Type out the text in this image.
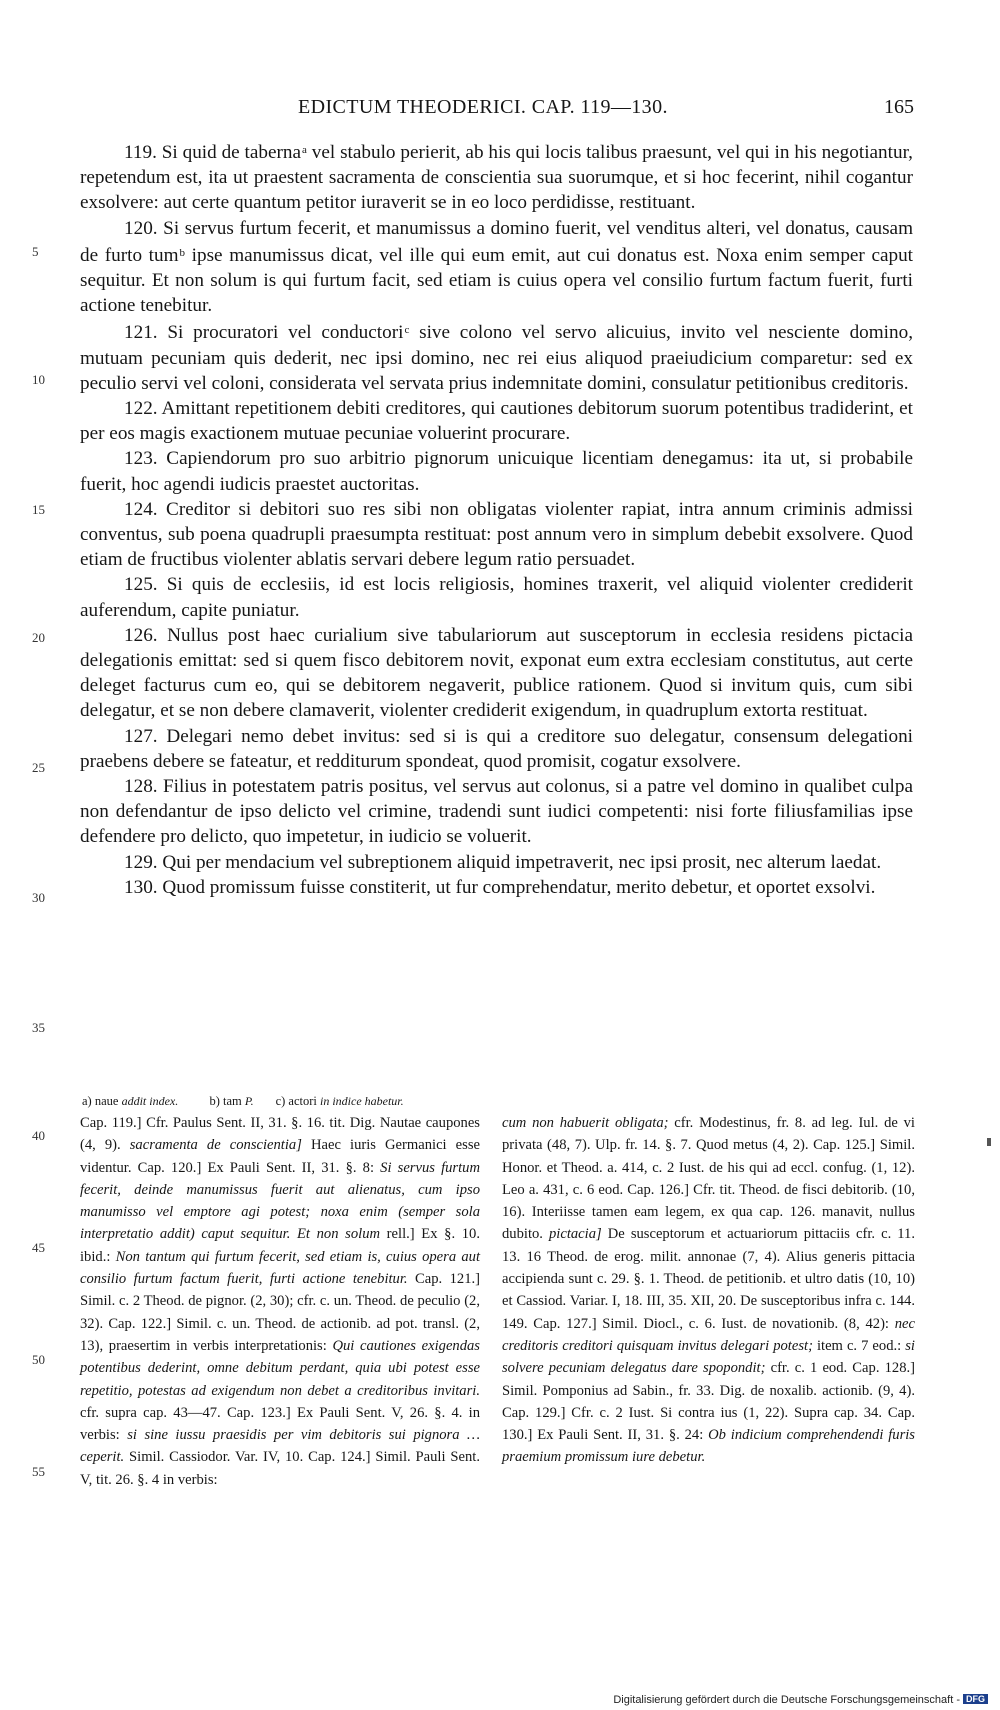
EDICTUM THEODERICI. CAP. 119—130.	165

119. Si quid de taberna$^a$ vel stabulo perierit, ab his qui locis talibus praesunt, vel qui in his negotiantur, repetendum est, ita ut praestent sacramenta de conscientia sua suorumque, et si hoc fecerint, nihil cogantur exsolvere: aut certe quantum petitor iuraverit se in eo loco perdidisse, restituant.

120. Si servus furtum fecerit, et manumissus a domino fuerit, vel venditus alteri, vel donatus, causam de furto tum$^b$ ipse manumissus dicat, vel ille qui eum emit, aut cui donatus est. Noxa enim semper caput sequitur. Et non solum is qui furtum facit, sed etiam is cuius opera vel consilio furtum factum fuerit, furti actione tenebitur.

121. Si procuratori vel conductori$^c$ sive colono vel servo alicuius, invito vel nesciente domino, mutuam pecuniam quis dederit, nec ipsi domino, nec rei eius aliquod praeiudicium comparetur: sed ex peculio servi vel coloni, considerata vel servata prius indemnitate domini, consulatur petitionibus creditoris.

122. Amittant repetitionem debiti creditores, qui cautiones debitorum suorum potentibus tradiderint, et per eos magis exactionem mutuae pecuniae voluerint procurare.

123. Capiendorum pro suo arbitrio pignorum unicuique licentiam denegamus: ita ut, si probabile fuerit, hoc agendi iudicis praestet auctoritas.

124. Creditor si debitori suo res sibi non obligatas violenter rapiat, intra annum criminis admissi conventus, sub poena quadrupli praesumpta restituat: post annum vero in simplum debebit exsolvere. Quod etiam de fructibus violenter ablatis servari debere legum ratio persuadet.

125. Si quis de ecclesiis, id est locis religiosis, homines traxerit, vel aliquid violenter crediderit auferendum, capite puniatur.

126. Nullus post haec curialium sive tabulariorum aut susceptorum in ecclesia residens pictacia delegationis emittat: sed si quem fisco debitorem novit, exponat eum extra ecclesiam constitutus, aut certe deleget facturus cum eo, qui se debitorem negaverit, publice rationem. Quod si invitum quis, cum sibi delegatur, et se non debere clamaverit, violenter crediderit exigendum, in quadruplum extorta restituat.

127. Delegari nemo debet invitus: sed si is qui a creditore suo delegatur, consensum delegationi praebens debere se fateatur, et redditurum spondeat, quod promisit, cogatur exsolvere.

128. Filius in potestatem patris positus, vel servus aut colonus, si a patre vel domino in qualibet culpa non defendantur de ipso delicto vel crimine, tradendi sunt iudici competenti: nisi forte filiusfamilias ipse defendere pro delicto, quo impetetur, in iudicio se voluerit.

129. Qui per mendacium vel subreptionem aliquid impetraverit, nec ipsi prosit, nec alterum laedat.

130. Quod promissum fuisse constiterit, ut fur comprehendatur, merito debetur, et oportet exsolvi.

5
10
15
20
25
30
35
40
45
50
55
a) naue addit index.	b) tam P. c) actori in indice habetur.
Cap. 119.] Cfr. Paulus Sent. II, 31. §. 16. tit. Dig. Nautae caupones (4, 9). sacramenta de conscientia] Haec iuris Germanici esse videntur. Cap. 120.] Ex Pauli Sent. II, 31. §. 8: Si servus furtum fecerit, deinde manumissus fuerit aut alienatus, cum ipso manumisso vel emptore agi potest; noxa enim (semper sola interpretatio addit) caput sequitur. Et non solum rell.] Ex §. 10. ibid.: Non tantum qui furtum fecerit, sed etiam is, cuius opera aut consilio furtum factum fuerit, furti actione tenebitur. Cap. 121.] Simil. c. 2 Theod. de pignor. (2, 30); cfr. c. un. Theod. de peculio (2, 32). Cap. 122.] Simil. c. un. Theod. de actionib. ad pot. transl. (2, 13), praesertim in verbis interpretationis: Qui cautiones exigendas potentibus dederint, omne debitum perdant, quia ubi potest esse repetitio, potestas ad exigendum non debet a creditoribus invitari. cfr. supra cap. 43—47. Cap. 123.] Ex Pauli Sent. V, 26. §. 4. in verbis: si sine iussu praesidis per vim debitoris sui pignora … ceperit. Simil. Cassiodor. Var. IV, 10. Cap. 124.] Simil. Pauli Sent. V, tit. 26. §. 4 in verbis:
cum non habuerit obligata; cfr. Modestinus, fr. 8. ad leg. Iul. de vi privata (48, 7). Ulp. fr. 14. §. 7. Quod metus (4, 2). Cap. 125.] Simil. Honor. et Theod. a. 414, c. 2 Iust. de his qui ad eccl. confug. (1, 12). Leo a. 431, c. 6 eod. Cap. 126.] Cfr. tit. Theod. de fisci debitorib. (10, 16). Interiisse tamen eam legem, ex qua cap. 126. manavit, nullus dubito. pictacia] De susceptorum et actuariorum pittaciis cfr. c. 11. 13. 16 Theod. de erog. milit. annonae (7, 4). Alius generis pittacia accipienda sunt c. 29. §. 1. Theod. de petitionib. et ultro datis (10, 10) et Cassiod. Variar. I, 18. III, 35. XII, 20. De susceptoribus infra c. 144. 149. Cap. 127.] Simil. Diocl., c. 6. Iust. de novationib. (8, 42): nec creditoris creditori quisquam invitus delegari potest; item c. 7 eod.: si solvere pecuniam delegatus dare spopondit; cfr. c. 1 eod. Cap. 128.] Simil. Pomponius ad Sabin., fr. 33. Dig. de noxalib. actionib. (9, 4). Cap. 129.] Cfr. c. 2 Iust. Si contra ius (1, 22). Supra cap. 34. Cap. 130.] Ex Pauli Sent. II, 31. §. 24: Ob indicium comprehendendi furis praemium promissum iure debetur.
Digitalisierung gefördert durch die Deutsche Forschungsgemeinschaft - DFG
